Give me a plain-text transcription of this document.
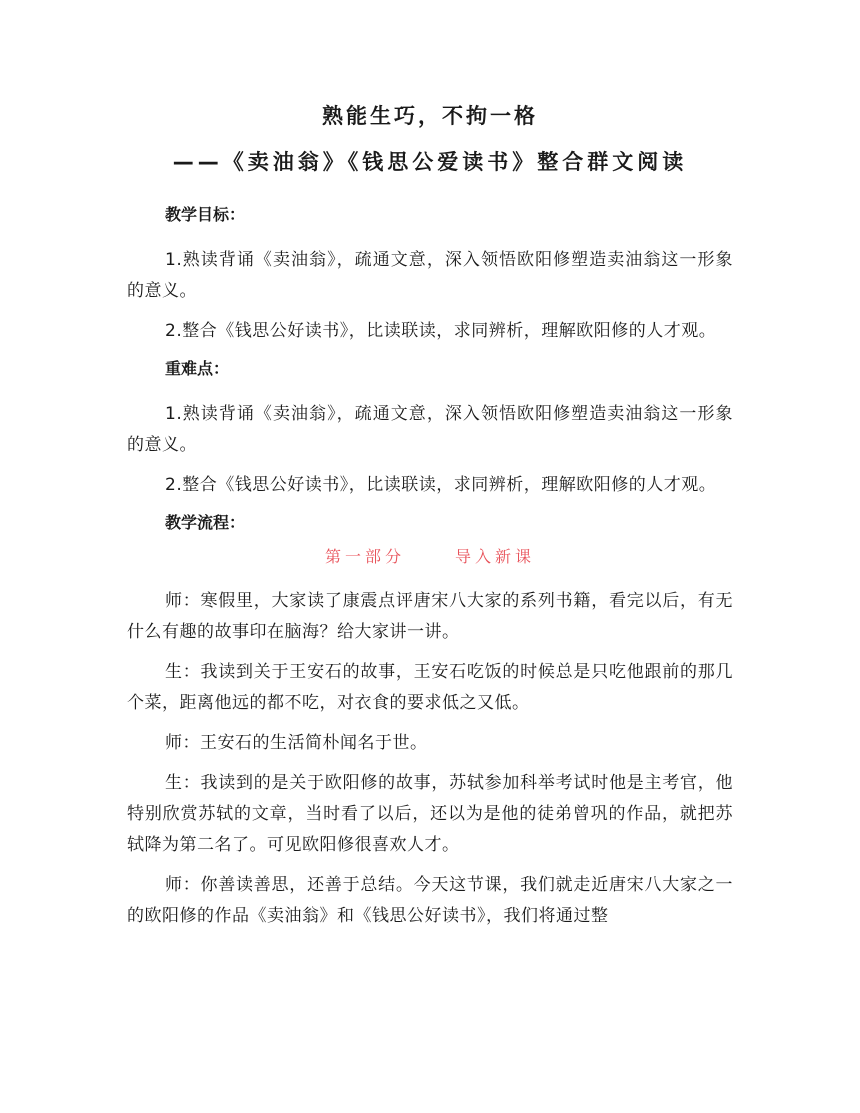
熟能生巧，不拘一格
——《卖油翁》《钱思公爱读书》整合群文阅读
教学目标：

1.熟读背诵《卖油翁》，疏通文意，深入领悟欧阳修塑造卖油翁这一形象的意义。

2.整合《钱思公好读书》，比读联读，求同辨析，理解欧阳修的人才观。

重难点：

1.熟读背诵《卖油翁》，疏通文意，深入领悟欧阳修塑造卖油翁这一形象的意义。

2.整合《钱思公好读书》，比读联读，求同辨析，理解欧阳修的人才观。

教学流程：
第一部分	导入新课

师：寒假里，大家读了康震点评唐宋八大家的系列书籍，看完以后，有无什么有趣的故事印在脑海？给大家讲一讲。

生：我读到关于王安石的故事，王安石吃饭的时候总是只吃他跟前的那几个菜，距离他远的都不吃，对衣食的要求低之又低。

师：王安石的生活简朴闻名于世。

生：我读到的是关于欧阳修的故事，苏轼参加科举考试时他是主考官，他特别欣赏苏轼的文章，当时看了以后，还以为是他的徒弟曾巩的作品，就把苏轼降为第二名了。可见欧阳修很喜欢人才。

师：你善读善思，还善于总结。今天这节课，我们就走近唐宋八大家之一的欧阳修的作品《卖油翁》和《钱思公好读书》，我们将通过整
